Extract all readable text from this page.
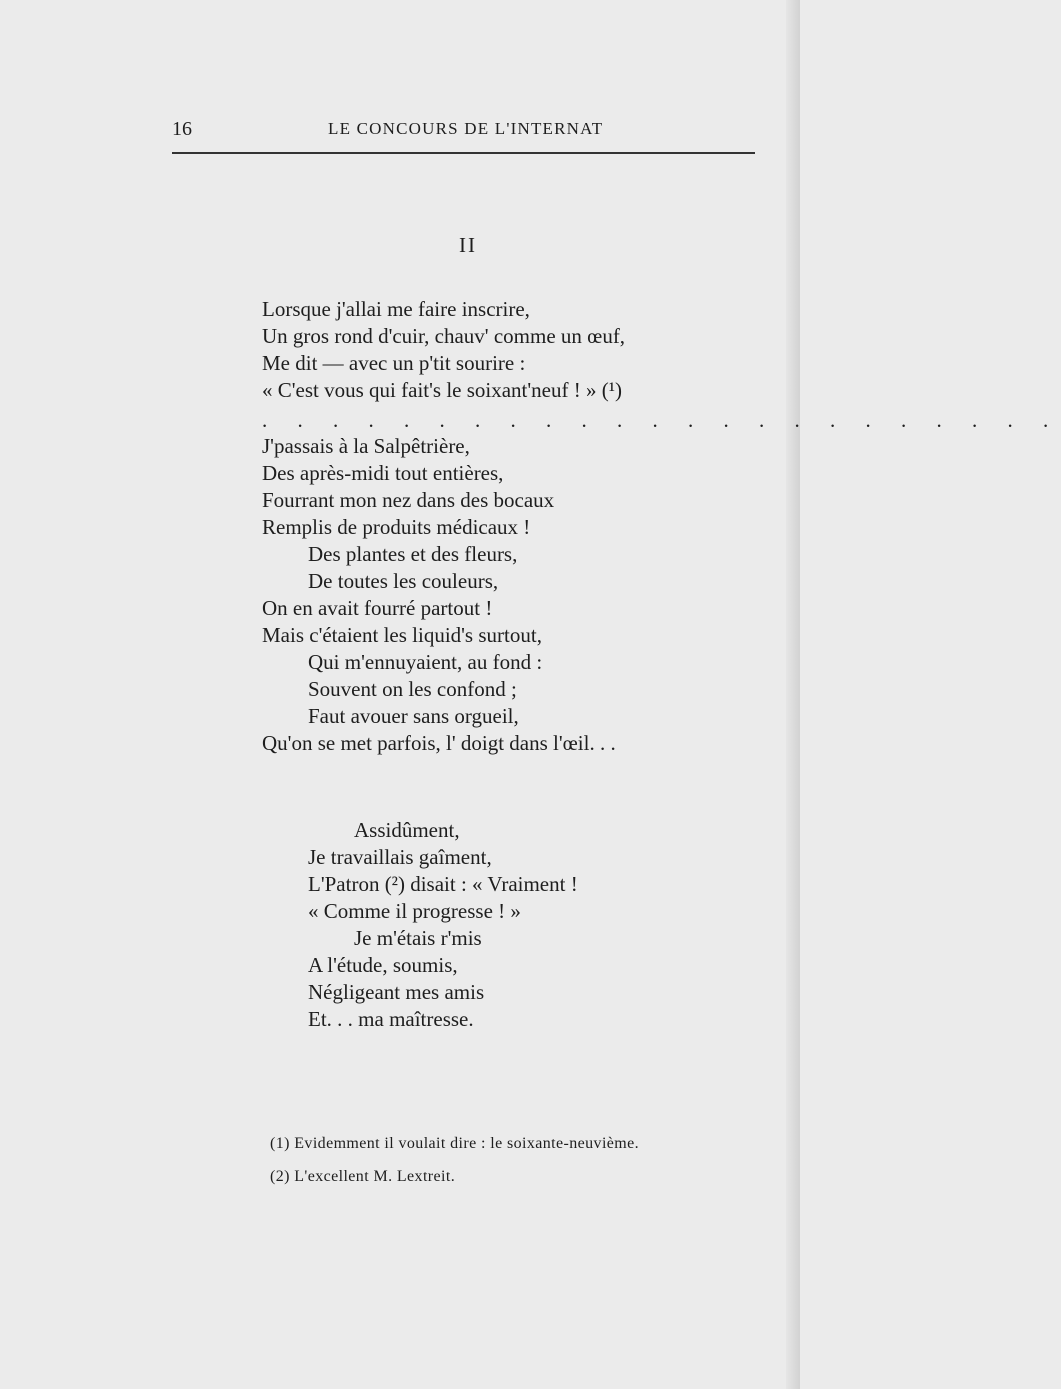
16	LE CONCOURS DE L'INTERNAT
II
Lorsque j'allai me faire inscrire,
Un gros rond d'cuir, chauv' comme un œuf,
Me dit — avec un p'tit sourire :
« C'est vous qui fait's le soixant'neuf ! » (¹)
. . . . . . . . . . . . . . . . . . . . . . .
J'passais à la Salpêtrière,
Des après-midi tout entières,
Fourrant mon nez dans des bocaux
Remplis de produits médicaux !
Des plantes et des fleurs,
De toutes les couleurs,
On en avait fourré partout !
Mais c'étaient les liquid's surtout,
Qui m'ennuyaient, au fond :
Souvent on les confond ;
Faut avouer sans orgueil,
Qu'on se met parfois, l' doigt dans l'œil. . .
Assidûment,
Je travaillais gaîment,
L'Patron (²) disait : « Vraiment !
« Comme il progresse ! »
Je m'étais r'mis
A l'étude, soumis,
Négligeant mes amis
Et. . . ma maîtresse.
(1) Evidemment il voulait dire : le soixante-neuvième.
(2) L'excellent M. Lextreit.
